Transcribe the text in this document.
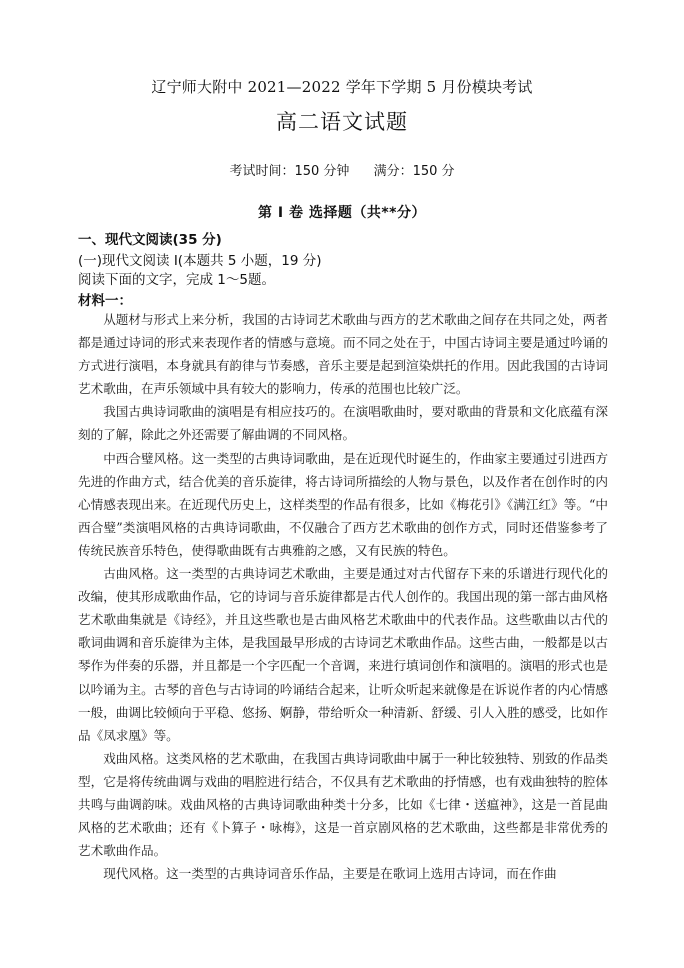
辽宁师大附中 2021—2022 学年下学期 5 月份模块考试
高二语文试题
考试时间：150 分钟 满分：150 分
第 Ⅰ 卷 选择题（共**分）
一、现代文阅读(35 分)
(一)现代文阅读 Ⅰ(本题共 5 小题，19 分)
阅读下面的文字，完成 1～5题。
材料一：

从题材与形式上来分析，我国的古诗词艺术歌曲与西方的艺术歌曲之间存在共同之处，两者都是通过诗词的形式来表现作者的情感与意境。而不同之处在于，中国古诗词主要是通过吟诵的方式进行演唱，本身就具有韵律与节奏感，音乐主要是起到渲染烘托的作用。因此我国的古诗词艺术歌曲，在声乐领域中具有较大的影响力，传承的范围也比较广泛。

我国古典诗词歌曲的演唱是有相应技巧的。在演唱歌曲时，要对歌曲的背景和文化底蕴有深刻的了解，除此之外还需要了解曲调的不同风格。

中西合璧风格。这一类型的古典诗词歌曲，是在近现代时诞生的，作曲家主要通过引进西方先进的作曲方式，结合优美的音乐旋律，将古诗词所描绘的人物与景色，以及作者在创作时的内心情感表现出来。在近现代历史上，这样类型的作品有很多，比如《梅花引》《满江红》等。“中西合璧”类演唱风格的古典诗词歌曲，不仅融合了西方艺术歌曲的创作方式，同时还借鉴参考了传统民族音乐特色，使得歌曲既有古典雅韵之感，又有民族的特色。

古曲风格。这一类型的古典诗词艺术歌曲，主要是通过对古代留存下来的乐谱进行现代化的改编，使其形成歌曲作品，它的诗词与音乐旋律都是古代人创作的。我国出现的第一部古曲风格艺术歌曲集就是《诗经》，并且这些歌也是古曲风格艺术歌曲中的代表作品。这些歌曲以古代的歌词曲调和音乐旋律为主体，是我国最早形成的古诗词艺术歌曲作品。这些古曲，一般都是以古琴作为伴奏的乐器，并且都是一个字匹配一个音调，来进行填词创作和演唱的。演唱的形式也是以吟诵为主。古琴的音色与古诗词的吟诵结合起来，让听众听起来就像是在诉说作者的内心情感一般，曲调比较倾向于平稳、悠扬、婀静，带给听众一种清新、舒缓、引人入胜的感受，比如作品《凤求凰》等。

戏曲风格。这类风格的艺术歌曲，在我国古典诗词歌曲中属于一种比较独特、别致的作品类型，它是将传统曲调与戏曲的唱腔进行结合，不仅具有艺术歌曲的抒情感，也有戏曲独特的腔体共鸣与曲调韵味。戏曲风格的古典诗词歌曲种类十分多，比如《七律・送瘟神》，这是一首昆曲风格的艺术歌曲；还有《卜算子・咏梅》，这是一首京剧风格的艺术歌曲，这些都是非常优秀的艺术歌曲作品。

现代风格。这一类型的古典诗词音乐作品，主要是在歌词上选用古诗词，而在作曲
